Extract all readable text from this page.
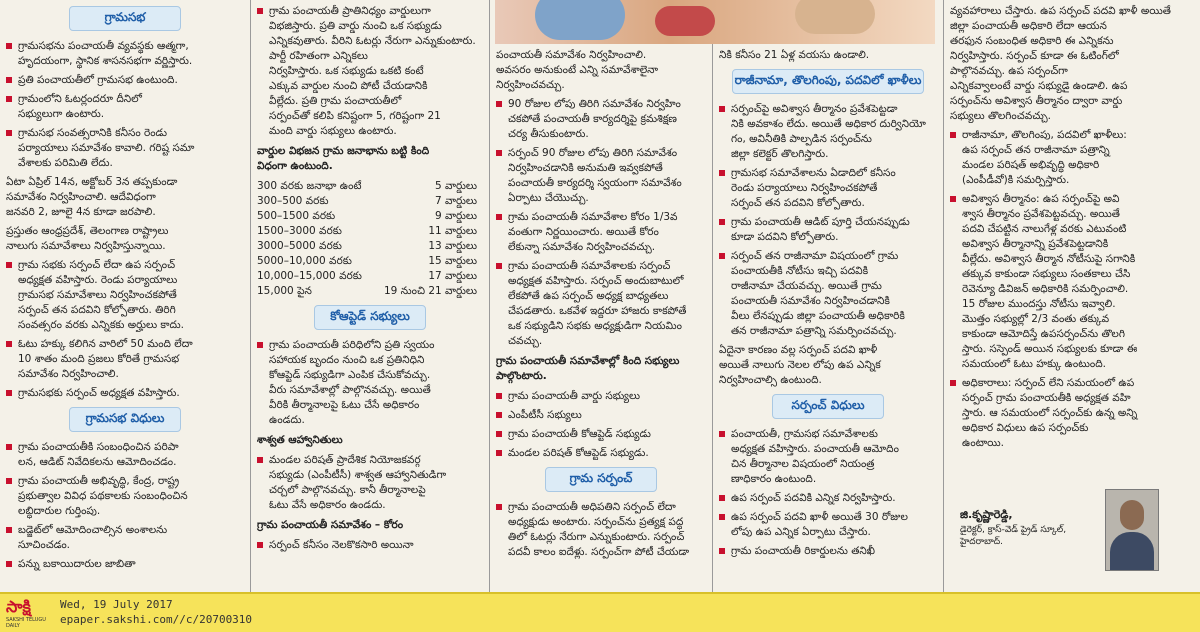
గ్రామసభ
గ్రామసభను పంచాయతీ వ్యవస్థకు ఆత్మగా,
హృదయంగా, స్థానిక శాసనసభగా వర్ణిస్తారు.
ప్రతి పంచాయతీలో గ్రామసభ ఉంటుంది.
గ్రామంలోని ఓటర్లందరూ దీనిలో
సభ్యులుగా ఉంటారు.
గ్రామసభ సంవత్సరానికి కనీసం రెండు
పర్యాయాలు సమావేశం కావాలి. గరిష్ట సమా
వేశాలకు పరిమితి లేదు.
ఏటా ఏప్రిల్ 14న, అక్టోబర్ 3న తప్పకుండా
సమావేశం నిర్వహించాలి. ఆదేవిధంగా
జనవరి 2, జూలై 4న కూడా జరపాలి.
ప్రస్తుతం ఆంధ్రప్రదేశ్, తెలంగాణ రాష్ట్రాలు
నాలుగు సమావేశాలు నిర్వహిస్తున్నాయి.
గ్రామ సభకు సర్పంచ్ లేదా ఉప సర్పంచ్
అధ్యక్షత వహిస్తారు. రెండు పర్యాయాలు
గ్రామసభ సమావేశాలు నిర్వహించకపోతే
సర్పంచ్ తన పదవిని కోల్పోతారు. తిరిగి
సంవత్సరం వరకు ఎన్నికకు అర్హులు కాదు.
ఓటు హక్కు కలిగిన వారిలో 50 మంది లేదా
10 శాతం మంది ప్రజలు కోరితే గ్రామసభ
సమావేశం నిర్వహించాలి.
గ్రామసభకు సర్పంచ్ అధ్యక్షత వహిస్తారు.
గ్రామసభ విధులు
గ్రామ పంచాయతీకి సంబంధించిన పరిపా
లన, ఆడిట్ నివేదికలను ఆమోదించడం.
గ్రామ పంచాయతీ అభివృద్ధి, కేంద్ర, రాష్ట్ర
ప్రభుత్వాల వివిధ పథకాలకు సంబంధించిన
లబ్ధిదారుల గుర్తింపు.
బడ్జెట్‌లో ఆమోదించాల్సిన అంశాలను
సూచించడం.
పన్ను బకాయిదారుల జాబితా
గ్రామ పంచాయతీ ప్రాతినిధ్యం వార్డులుగా
విభజిస్తారు. ప్రతి వార్డు నుంచి ఒక సభ్యుడు
ఎన్నికవుతారు. వీరిని ఓటర్లు నేరుగా ఎన్నుకుంటారు.
పార్టీ రహితంగా ఎన్నికలు
నిర్వహిస్తారు. ఒక సభ్యుడు ఒకటి కంటే
ఎక్కువ వార్డుల నుంచి పోటీ చేయడానికి
వీల్లేదు. ప్రతి గ్రామ పంచాయతీలో
సర్పంచ్‌తో కలిపి కనిష్టంగా 5, గరిష్టంగా 21
మంది వార్డు సభ్యులు ఉంటారు.
వార్డుల విభజన గ్రామ జనాభాను బట్టి కింది
విధంగా ఉంటుంది.
300 వరకు జనాభా ఉంటే	5 వార్డులు
300–500 వరకు	7 వార్డులు
500–1500 వరకు	9 వార్డులు
1500–3000 వరకు	11 వార్డులు
3000–5000 వరకు	13 వార్డులు
5000–10,000 వరకు	15 వార్డులు
10,000–15,000 వరకు	17 వార్డులు
15,000 పైన	19 నుంచి 21 వార్డులు
కోఆప్టెడ్ సభ్యులు
గ్రామ పంచాయతీ పరిధిలోని ప్రతి స్వయం
సహాయక బృందం నుంచి ఒక ప్రతినిధిని
కోఆప్టెడ్ సభ్యుడిగా ఎంపిక చేసుకోవచ్చు.
వీరు సమావేశాల్లో పాల్గొనవచ్చు. అయితే
వీరికి తీర్మానాలపై ఓటు చేసే అధికారం
ఉండదు.
శాశ్వత ఆహ్వానితులు
మండల పరిషత్ ప్రాదేశిక నియోజకవర్గ
సభ్యుడు (ఎంపీటీసీ) శాశ్వత ఆహ్వానితుడిగా
చర్చలో పాల్గొనవచ్చు. కానీ తీర్మానాలపై
ఓటు వేసే అధికారం ఉండదు.
గ్రామ పంచాయతీ సమావేశం – కోరం
సర్పంచ్ కనీసం నెలకొకసారి అయినా
పంచాయతీ సమావేశం నిర్వహించాలి.
అవసరం అనుకుంటే ఎన్ని సమావేశాలైనా
నిర్వహించవచ్చు.
90 రోజుల లోపు తిరిగి సమావేశం నిర్వహిం
చకపోతే పంచాయతీ కార్యదర్శిపై క్రమశిక్షణ
చర్య తీసుకుంటారు.
సర్పంచ్ 90 రోజుల లోపు తిరిగి సమావేశం
నిర్వహించడానికి అనుమతి ఇవ్వకపోతే
పంచాయతీ కార్యదర్శి స్వయంగా సమావేశం
ఏర్పాటు చేయొచ్చు.
గ్రామ పంచాయతీ సమావేశాల కోరం 1/3వ
వంతుగా నిర్ణయించారు. అయితే కోరం
లేకున్నా సమావేశం నిర్వహించవచ్చు.
గ్రామ పంచాయతీ సమావేశాలకు సర్పంచ్
అధ్యక్షత వహిస్తారు. సర్పంచ్ అందుబాటులో
లేకపోతే ఉప సర్పంచ్ అధ్యక్ష బాధ్యతలు
చేపడతారు. ఒకవేళ ఇద్దరూ హాజరు కాకపోతే
ఒక సభ్యుడిని సభకు అధ్యక్షుడిగా నియమిం
చవచ్చు.
గ్రామ పంచాయతీ సమావేశాల్లో కింది సభ్యులు
పాల్గొంటారు.
గ్రామ పంచాయతీ వార్డు సభ్యులు
ఎంపీటీసీ సభ్యులు
గ్రామ పంచాయతీ కోఆప్టెడ్ సభ్యుడు
మండల పరిషత్ కోఆప్టెడ్ సభ్యుడు.
గ్రామ సర్పంచ్
గ్రామ పంచాయతీ అధిపతిని సర్పంచ్ లేదా
అధ్యక్షుడు అంటారు. సర్పంచ్‌ను ప్రత్యక్ష పద్ధ
తిలో ఓటర్లు నేరుగా ఎన్నుకుంటారు. సర్పంచ్
పదవీ కాలం ఐదేళ్లు. సర్పంచ్‌గా పోటీ చేయడా
నికి కనీసం 21 ఏళ్ల వయసు ఉండాలి.
రాజీనామా, తొలగింపు, పదవిలో ఖాళీలు
సర్పంచ్‌పై అవిశ్వాస తీర్మానం ప్రవేశపెట్టడా
నికి అవకాశం లేదు. అయితే అధికార దుర్వినియో
గం, అవినీతికి పాల్పడిన సర్పంచ్‌ను
జిల్లా కలెక్టర్ తొలగిస్తారు.
గ్రామసభ సమావేశాలను ఏడాదిలో కనీసం
రెండు పర్యాయాలు నిర్వహించకపోతే
సర్పంచ్ తన పదవిని కోల్పోతారు.
గ్రామ పంచాయతీ ఆడిట్ పూర్తి చేయనప్పుడు
కూడా పదవిని కోల్పోతారు.
సర్పంచ్ తన రాజీనామా విషయంలో గ్రామ
పంచాయతీకి నోటీసు ఇచ్చి పదవికి
రాజీనామా చేయవచ్చు. అయితే గ్రామ
పంచాయతీ సమావేశం నిర్వహించడానికి
వీలు లేనప్పుడు జిల్లా పంచాయతీ అధికారికి
తన రాజీనామా పత్రాన్ని సమర్పించవచ్చు.
ఏదైనా కారణం వల్ల సర్పంచ్ పదవి ఖాళీ
అయితే నాలుగు నెలల లోపు ఉప ఎన్నిక
నిర్వహించాల్సి ఉంటుంది.
సర్పంచ్ విధులు
పంచాయతీ, గ్రామసభ సమావేశాలకు
అధ్యక్షత వహిస్తారు. పంచాయతీ ఆమోదిం
చిన తీర్మానాల విషయంలో నియంత్ర
ణాధికారం ఉంటుంది.
ఉప సర్పంచ్ పదవికి ఎన్నిక నిర్వహిస్తారు.
ఉప సర్పంచ్ పదవి ఖాళీ అయితే 30 రోజుల
లోపు ఉప ఎన్నిక ఏర్పాటు చేస్తారు.
గ్రామ పంచాయతీ రికార్డులను తనిఖీ
వ్యవహారాలు చేస్తారు. ఉప సర్పంచ్ పదవి ఖాళీ అయితే
జిల్లా పంచాయతీ అధికారి లేదా ఆయన
తరఫున సంబంధిత అధికారి ఈ ఎన్నికను
నిర్వహిస్తారు. సర్పంచ్ కూడా ఈ ఓటింగ్‌లో
పాల్గొనవచ్చు. ఉప సర్పంచ్‌గా
ఎన్నికవ్వాలంటే వార్డు సభ్యుడై ఉండాలి. ఉప
సర్పంచ్‌ను అవిశ్వాస తీర్మానం ద్వారా వార్డు
సభ్యులు తొలగించవచ్చు.
రాజీనామా, తొలగింపు, పదవిలో ఖాళీలు:
ఉప సర్పంచ్ తన రాజీనామా పత్రాన్ని
మండల పరిషత్ అభివృద్ధి అధికారి
(ఎంపీడీవో)కి సమర్పిస్తారు.
అవిశ్వాస తీర్మానం: ఉప సర్పంచ్‌పై అవి
శ్వాస తీర్మానం ప్రవేశపెట్టవచ్చు. అయితే
పదవి చేపట్టిన నాలుగేళ్ల వరకు ఎటువంటి
అవిశ్వాస తీర్మానాన్ని ప్రవేశపెట్టడానికి
వీల్లేదు. అవిశ్వాస తీర్మాన నోటీసుపై సగానికి
తక్కువ కాకుండా సభ్యులు సంతకాలు చేసి
రెవెన్యూ డివిజన్ అధికారికి సమర్పించాలి.
15 రోజుల ముందస్తు నోటీసు ఇవ్వాలి.
మొత్తం సభ్యుల్లో 2/3 వంతు తక్కువ
కాకుండా ఆమోదిస్తే ఉపసర్పంచ్‌ను తొలగి
స్తారు. సస్పెండ్ అయిన సభ్యులకు కూడా ఈ
సమయంలో ఓటు హక్కు ఉంటుంది.
అధికారాలు: సర్పంచ్ లేని సమయంలో ఉప
సర్పంచ్ గ్రామ పంచాయతీకి అధ్యక్షత వహి
స్తారు. ఆ సమయంలో సర్పంచ్‌కు ఉన్న అన్ని
అధికార విధులు ఉప సర్పంచ్‌కు
ఉంటాయి.
జి.కృష్ణారెడ్డి,
డైరెక్టర్, క్రాస్-వెడ్ ప్రైడ్ స్కూల్,
హైదరాబాద్.
సాక్షి
SAKSHI TELUGU DAILY
Wed, 19 July 2017
epaper.sakshi.com//c/20700310
